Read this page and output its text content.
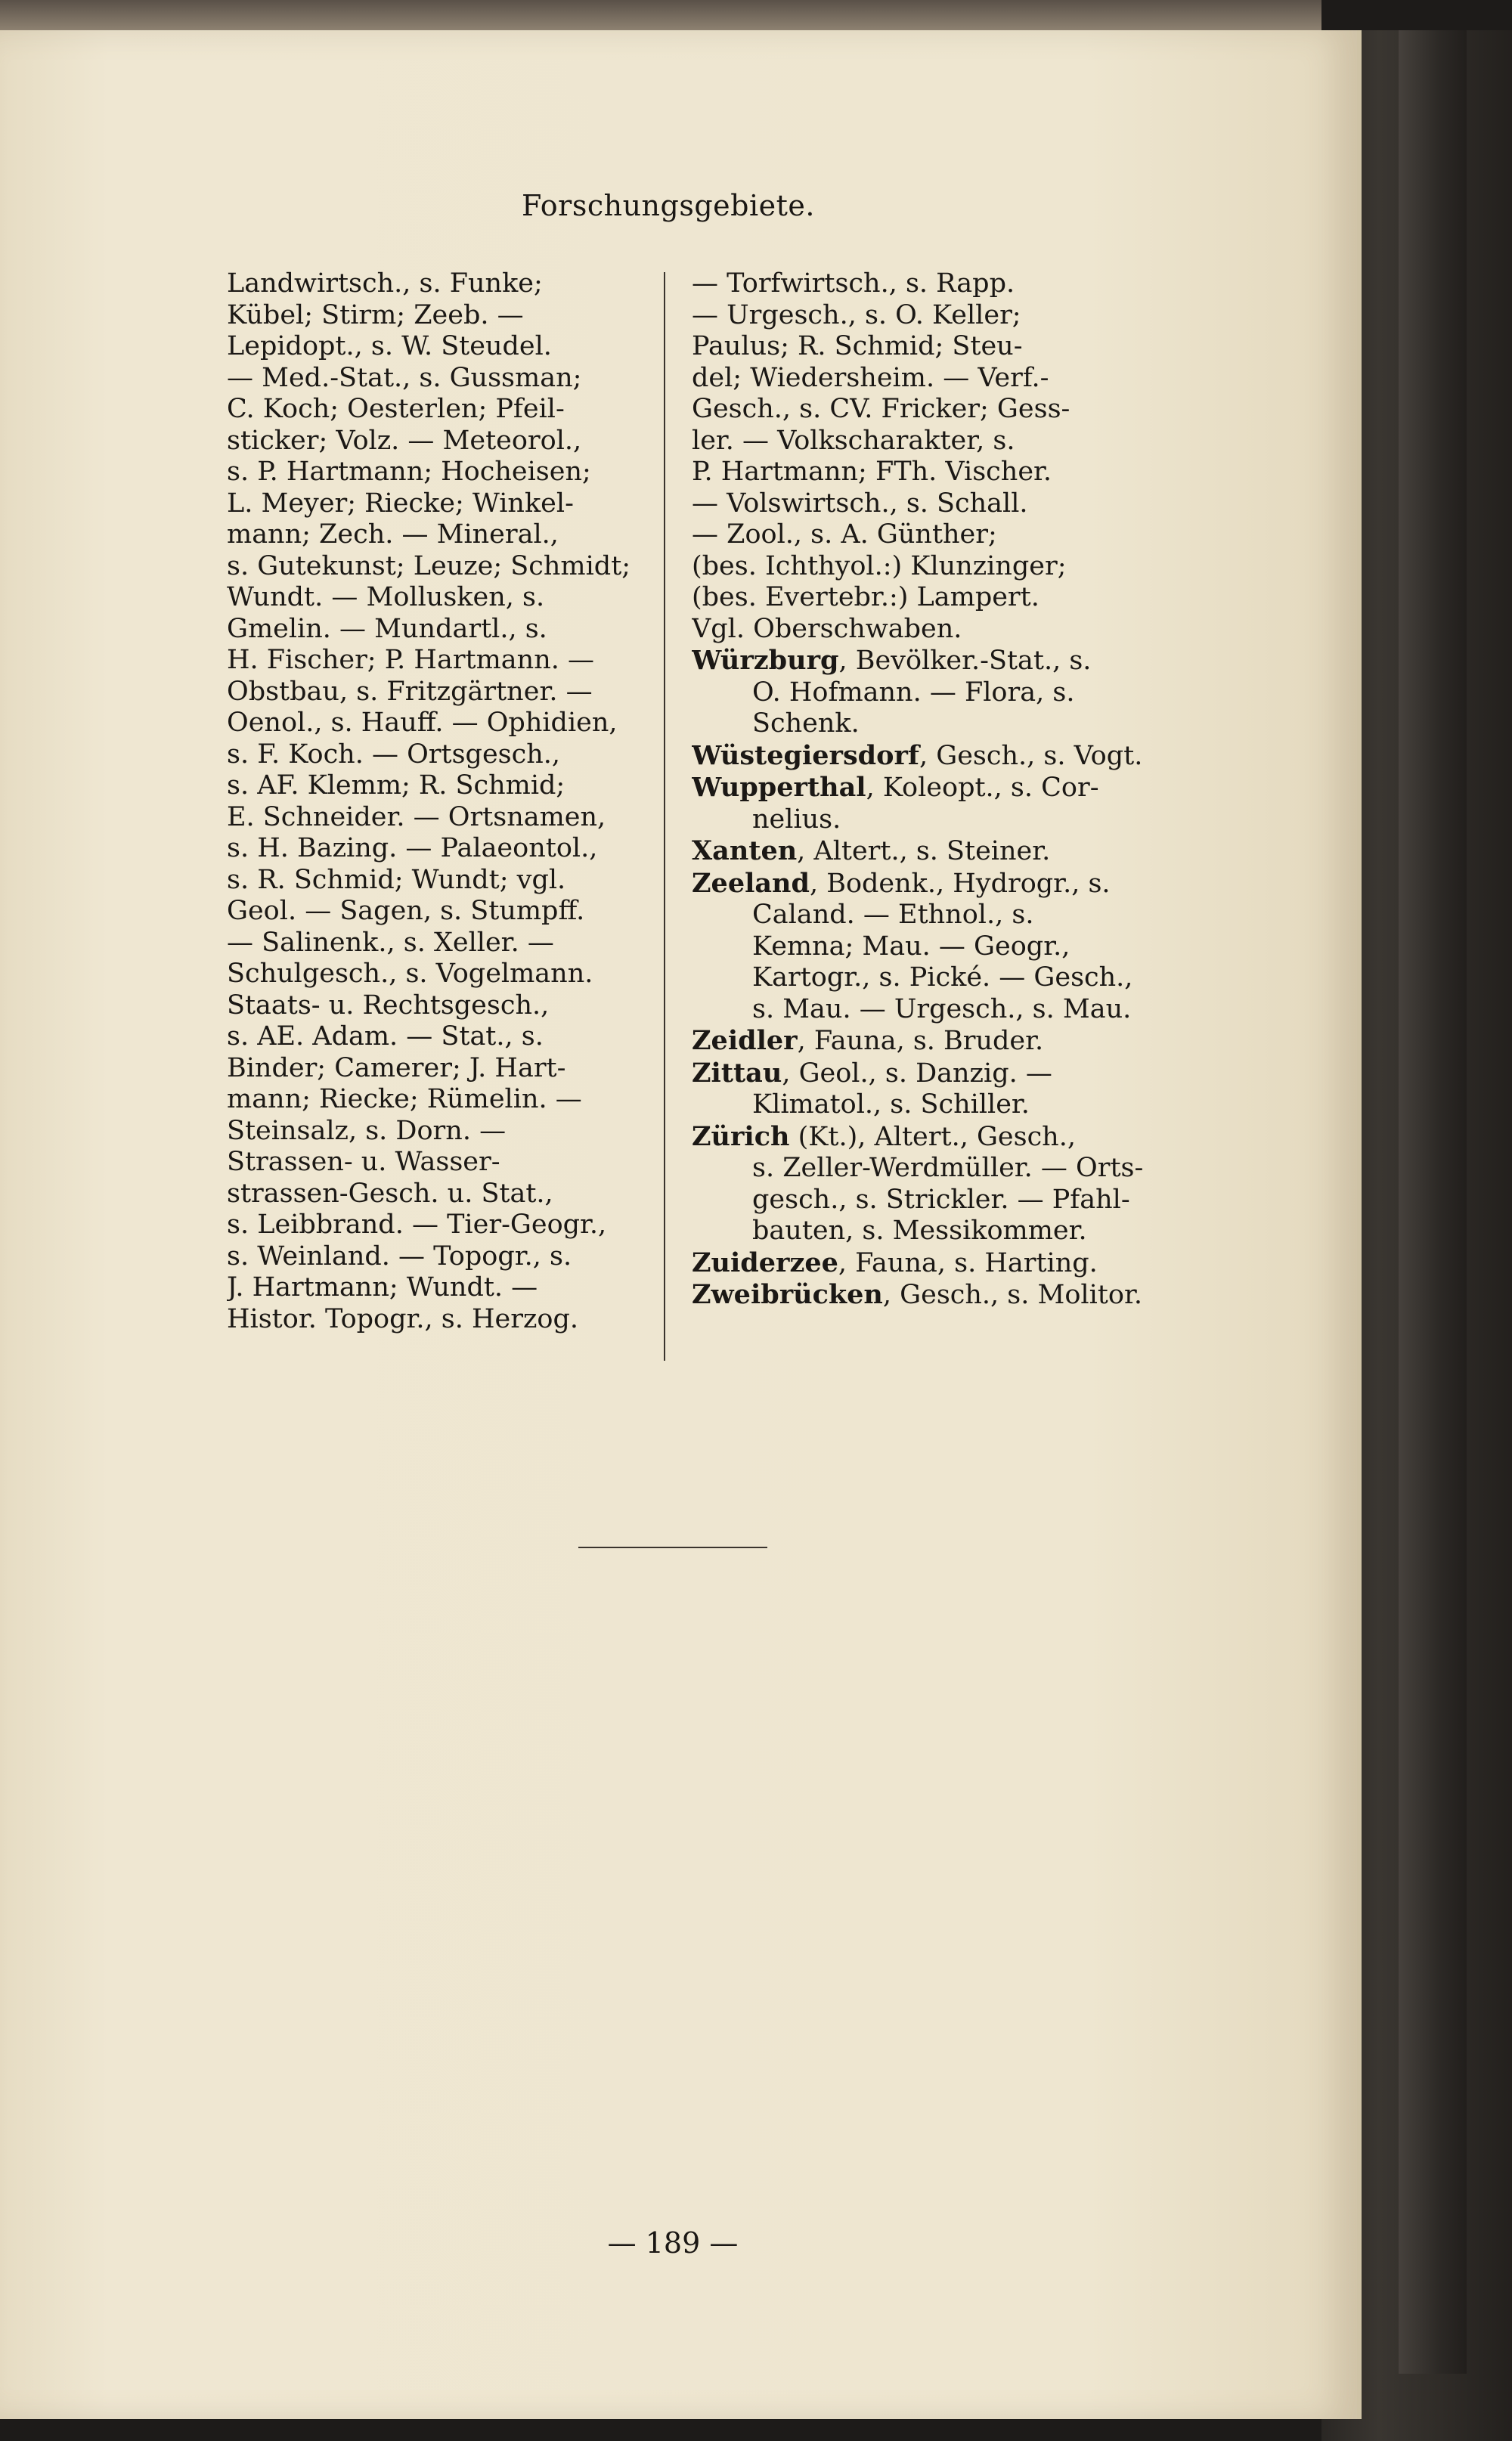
Forschungsgebiete.
Landwirtsch., s. Funke;
Kübel; Stirm; Zeeb. —
Lepidopt., s. W. Steudel.
— Med.-Stat., s. Gussman;
C. Koch; Oesterlen; Pfeil-
sticker; Volz. — Meteorol.,
s. P. Hartmann; Hocheisen;
L. Meyer; Riecke; Winkel-
mann; Zech. — Mineral.,
s. Gutekunst; Leuze; Schmidt;
Wundt. — Mollusken, s.
Gmelin. — Mundartl., s.
H. Fischer; P. Hartmann. —
Obstbau, s. Fritzgärtner. —
Oenol., s. Hauff. — Ophidien,
s. F. Koch. — Ortsgesch.,
s. AF. Klemm; R. Schmid;
E. Schneider. — Ortsnamen,
s. H. Bazing. — Palaeontol.,
s. R. Schmid; Wundt; vgl.
Geol. — Sagen, s. Stumpff.
— Salinenk., s. Xeller. —
Schulgesch., s. Vogelmann.
Staats- u. Rechtsgesch.,
s. AE. Adam. — Stat., s.
Binder; Camerer; J. Hart-
mann; Riecke; Rümelin. —
Steinsalz, s. Dorn. —
Strassen- u. Wasser-
strassen-Gesch. u. Stat.,
s. Leibbrand. — Tier-Geogr.,
s. Weinland. — Topogr., s.
J. Hartmann; Wundt. —
Histor. Topogr., s. Herzog.
— Torfwirtsch., s. Rapp.
— Urgesch., s. O. Keller;
Paulus; R. Schmid; Steu-
del; Wiedersheim. — Verf.-
Gesch., s. CV. Fricker; Gess-
ler. — Volkscharakter, s.
P. Hartmann; FTh. Vischer.
— Volswirtsch., s. Schall.
— Zool., s. A. Günther;
(bes. Ichthyol.:) Klunzinger;
(bes. Evertebr.:) Lampert.
Vgl. Oberschwaben.
Würzburg, Bevölker.-Stat., s.
O. Hofmann. — Flora, s.
Schenk.
Wüstegiersdorf, Gesch., s. Vogt.
Wupperthal, Koleopt., s. Cor-
nelius.
Xanten, Altert., s. Steiner.
Zeeland, Bodenk., Hydrogr., s.
Caland. — Ethnol., s.
Kemna; Mau. — Geogr.,
Kartogr., s. Pické. — Gesch.,
s. Mau. — Urgesch., s. Mau.
Zeidler, Fauna, s. Bruder.
Zittau, Geol., s. Danzig. —
Klimatol., s. Schiller.
Zürich (Kt.), Altert., Gesch.,
s. Zeller-Werdmüller. — Orts-
gesch., s. Strickler. — Pfahl-
bauten, s. Messikommer.
Zuiderzee, Fauna, s. Harting.
Zweibrücken, Gesch., s. Molitor.
— 189 —
